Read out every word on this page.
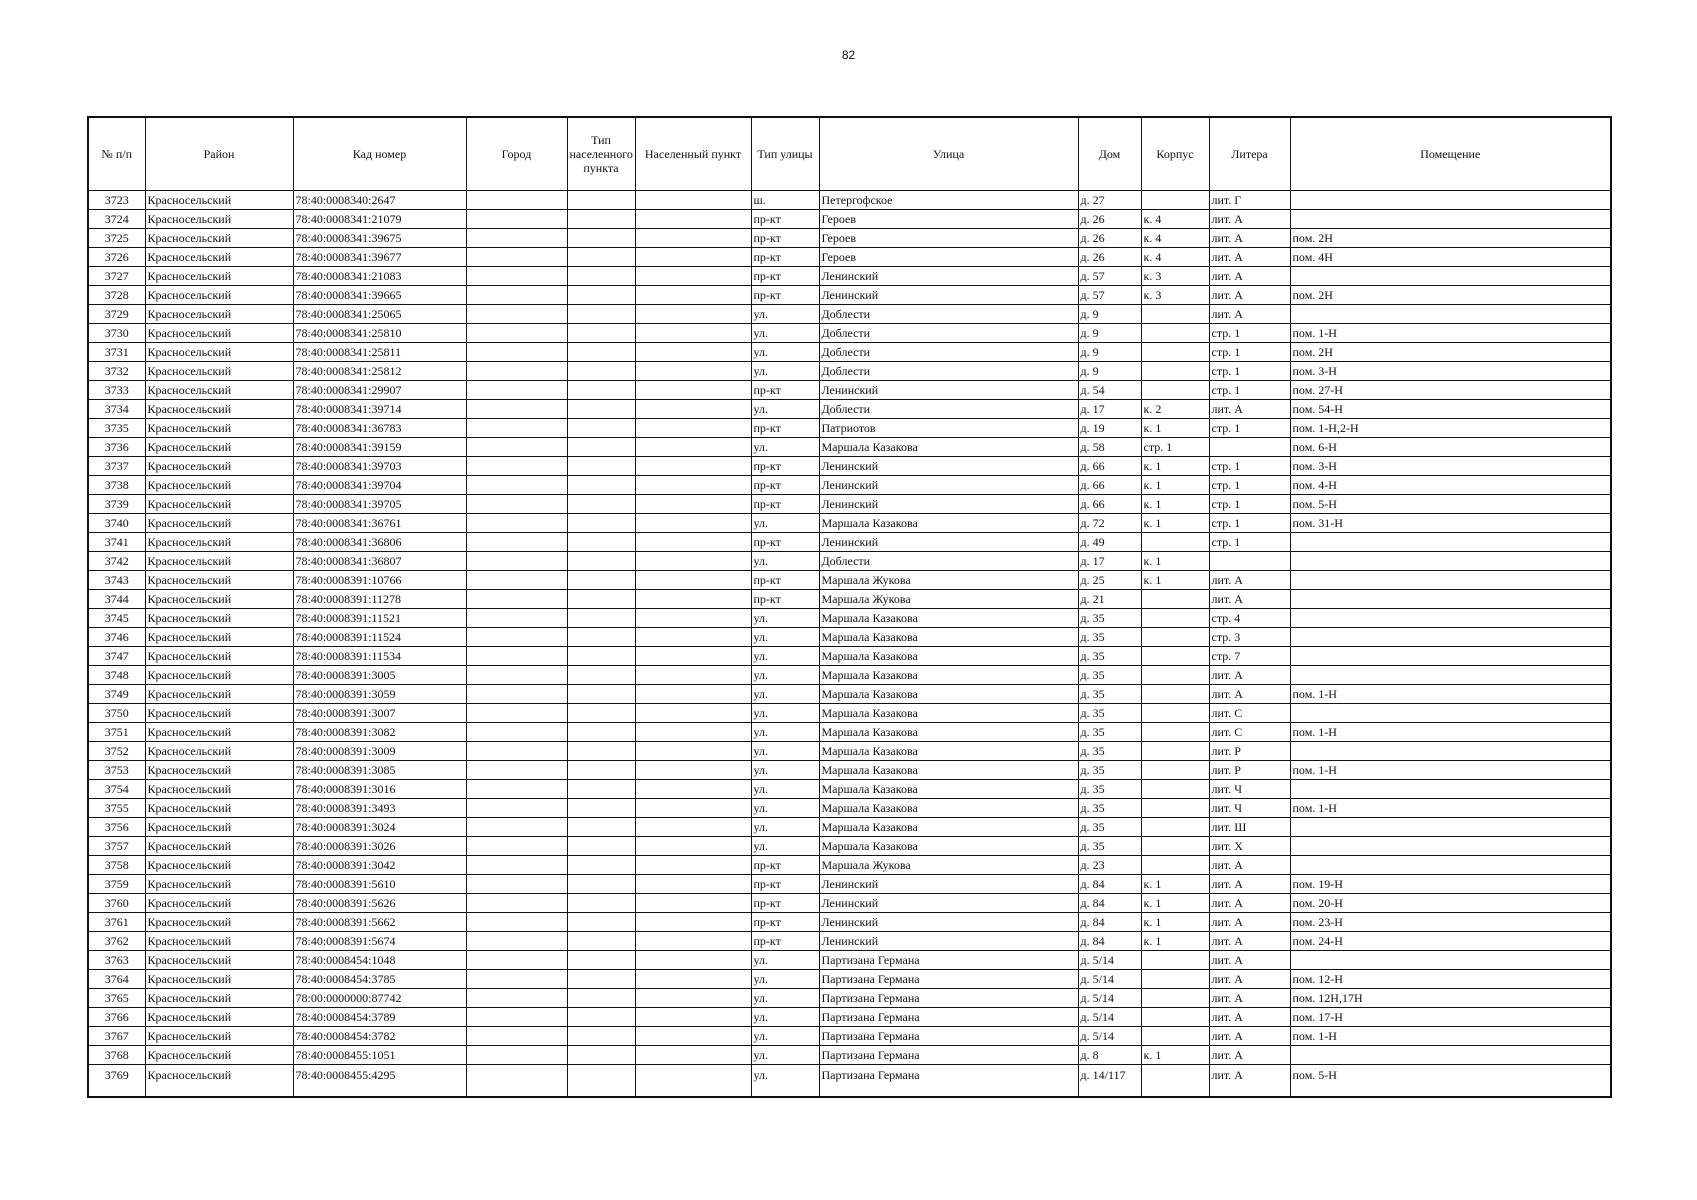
82
№ п/п	Район	Кад номер	Город	Тип населенного пункта	Населенный пункт	Тип улицы	Улица	Дом	Корпус	Литера	Помещение
3723	Красносельский	78:40:0008340:2647				ш.	Петергофское	д. 27		лит. Г	
3724	Красносельский	78:40:0008341:21079				пр-кт	Героев	д. 26	к. 4	лит. А	
3725	Красносельский	78:40:0008341:39675				пр-кт	Героев	д. 26	к. 4	лит. А	пом. 2Н
3726	Красносельский	78:40:0008341:39677				пр-кт	Героев	д. 26	к. 4	лит. А	пом. 4Н
3727	Красносельский	78:40:0008341:21083				пр-кт	Ленинский	д. 57	к. 3	лит. А	
3728	Красносельский	78:40:0008341:39665				пр-кт	Ленинский	д. 57	к. 3	лит. А	пом. 2Н
3729	Красносельский	78:40:0008341:25065				ул.	Доблести	д. 9		лит. А	
3730	Красносельский	78:40:0008341:25810				ул.	Доблести	д. 9		стр. 1	пом. 1-Н
3731	Красносельский	78:40:0008341:25811				ул.	Доблести	д. 9		стр. 1	пом. 2Н
3732	Красносельский	78:40:0008341:25812				ул.	Доблести	д. 9		стр. 1	пом. 3-Н
3733	Красносельский	78:40:0008341:29907				пр-кт	Ленинский	д. 54		стр. 1	пом. 27-Н
3734	Красносельский	78:40:0008341:39714				ул.	Доблести	д. 17	к. 2	лит. А	пом. 54-Н
3735	Красносельский	78:40:0008341:36783				пр-кт	Патриотов	д. 19	к. 1	стр. 1	пом. 1-Н,2-Н
3736	Красносельский	78:40:0008341:39159				ул.	Маршала Казакова	д. 58	стр. 1		пом. 6-Н
3737	Красносельский	78:40:0008341:39703				пр-кт	Ленинский	д. 66	к. 1	стр. 1	пом. 3-Н
3738	Красносельский	78:40:0008341:39704				пр-кт	Ленинский	д. 66	к. 1	стр. 1	пом. 4-Н
3739	Красносельский	78:40:0008341:39705				пр-кт	Ленинский	д. 66	к. 1	стр. 1	пом. 5-Н
3740	Красносельский	78:40:0008341:36761				ул.	Маршала Казакова	д. 72	к. 1	стр. 1	пом. 31-Н
3741	Красносельский	78:40:0008341:36806				пр-кт	Ленинский	д. 49		стр. 1	
3742	Красносельский	78:40:0008341:36807				ул.	Доблести	д. 17	к. 1		
3743	Красносельский	78:40:0008391:10766				пр-кт	Маршала Жукова	д. 25	к. 1	лит. А	
3744	Красносельский	78:40:0008391:11278				пр-кт	Маршала Жукова	д. 21		лит. А	
3745	Красносельский	78:40:0008391:11521				ул.	Маршала Казакова	д. 35		стр. 4	
3746	Красносельский	78:40:0008391:11524				ул.	Маршала Казакова	д. 35		стр. 3	
3747	Красносельский	78:40:0008391:11534				ул.	Маршала Казакова	д. 35		стр. 7	
3748	Красносельский	78:40:0008391:3005				ул.	Маршала Казакова	д. 35		лит. А	
3749	Красносельский	78:40:0008391:3059				ул.	Маршала Казакова	д. 35		лит. А	пом. 1-Н
3750	Красносельский	78:40:0008391:3007				ул.	Маршала Казакова	д. 35		лит. С	
3751	Красносельский	78:40:0008391:3082				ул.	Маршала Казакова	д. 35		лит. С	пом. 1-Н
3752	Красносельский	78:40:0008391:3009				ул.	Маршала Казакова	д. 35		лит. Р	
3753	Красносельский	78:40:0008391:3085				ул.	Маршала Казакова	д. 35		лит. Р	пом. 1-Н
3754	Красносельский	78:40:0008391:3016				ул.	Маршала Казакова	д. 35		лит. Ч	
3755	Красносельский	78:40:0008391:3493				ул.	Маршала Казакова	д. 35		лит. Ч	пом. 1-Н
3756	Красносельский	78:40:0008391:3024				ул.	Маршала Казакова	д. 35		лит. Ш	
3757	Красносельский	78:40:0008391:3026				ул.	Маршала Казакова	д. 35		лит. Х	
3758	Красносельский	78:40:0008391:3042				пр-кт	Маршала Жукова	д. 23		лит. А	
3759	Красносельский	78:40:0008391:5610				пр-кт	Ленинский	д. 84	к. 1	лит. А	пом. 19-Н
3760	Красносельский	78:40:0008391:5626				пр-кт	Ленинский	д. 84	к. 1	лит. А	пом. 20-Н
3761	Красносельский	78:40:0008391:5662				пр-кт	Ленинский	д. 84	к. 1	лит. А	пом. 23-Н
3762	Красносельский	78:40:0008391:5674				пр-кт	Ленинский	д. 84	к. 1	лит. А	пом. 24-Н
3763	Красносельский	78:40:0008454:1048				ул.	Партизана Германа	д. 5/14		лит. А	
3764	Красносельский	78:40:0008454:3785				ул.	Партизана Германа	д. 5/14		лит. А	пом. 12-Н
3765	Красносельский	78:00:0000000:87742				ул.	Партизана Германа	д. 5/14		лит. А	пом. 12Н,17Н
3766	Красносельский	78:40:0008454:3789				ул.	Партизана Германа	д. 5/14		лит. А	пом. 17-Н
3767	Красносельский	78:40:0008454:3782				ул.	Партизана Германа	д. 5/14		лит. А	пом. 1-Н
3768	Красносельский	78:40:0008455:1051				ул.	Партизана Германа	д. 8	к. 1	лит. А	
3769	Красносельский	78:40:0008455:4295				ул.	Партизана Германа	д. 14/117		лит. А	пом. 5-Н
